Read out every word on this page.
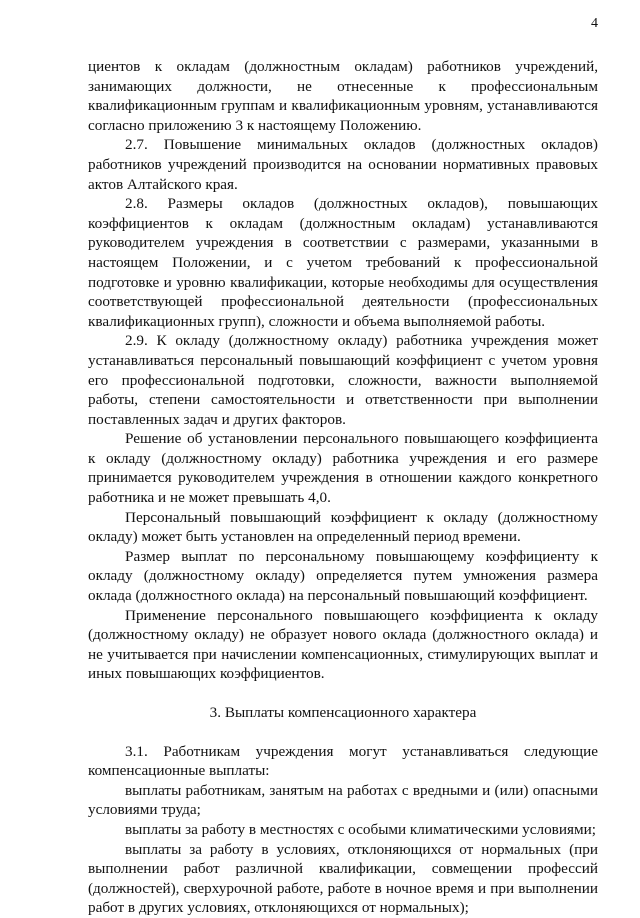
4

циентов к окладам (должностным окладам) работников учреждений, занимающих должности, не отнесенные к профессиональным квалификационным группам и квалификационным уровням, устанавливаются согласно приложению 3 к настоящему Положению.

2.7. Повышение минимальных окладов (должностных окладов) работников учреждений производится на основании нормативных правовых актов Алтайского края.

2.8. Размеры окладов (должностных окладов), повышающих коэффициентов к окладам (должностным окладам) устанавливаются руководителем учреждения в соответствии с размерами, указанными в настоящем Положении, и с учетом требований к профессиональной подготовке и уровню квалификации, которые необходимы для осуществления соответствующей профессиональной деятельности (профессиональных квалификационных групп), сложности и объема выполняемой работы.

2.9. К окладу (должностному окладу) работника учреждения может устанавливаться персональный повышающий коэффициент с учетом уровня его профессиональной подготовки, сложности, важности выполняемой работы, степени самостоятельности и ответственности при выполнении поставленных задач и других факторов.

Решение об установлении персонального повышающего коэффициента к окладу (должностному окладу) работника учреждения и его размере принимается руководителем учреждения в отношении каждого конкретного работника и не может превышать 4,0.

Персональный повышающий коэффициент к окладу (должностному окладу) может быть установлен на определенный период времени.

Размер выплат по персональному повышающему коэффициенту к окладу (должностному окладу) определяется путем умножения размера оклада (должностного оклада) на персональный повышающий коэффициент.

Применение персонального повышающего коэффициента к окладу (должностному окладу) не образует нового оклада (должностного оклада) и не учитывается при начислении компенсационных, стимулирующих выплат и иных повышающих коэффициентов.

3. Выплаты компенсационного характера

3.1. Работникам учреждения могут устанавливаться следующие компенсационные выплаты:

выплаты работникам, занятым на работах с вредными и (или) опасными условиями труда;

выплаты за работу в местностях с особыми климатическими условиями;

выплаты за работу в условиях, отклоняющихся от нормальных (при выполнении работ различной квалификации, совмещении профессий (должностей), сверхурочной работе, работе в ночное время и при выполнении работ в других условиях, отклоняющихся от нормальных);
